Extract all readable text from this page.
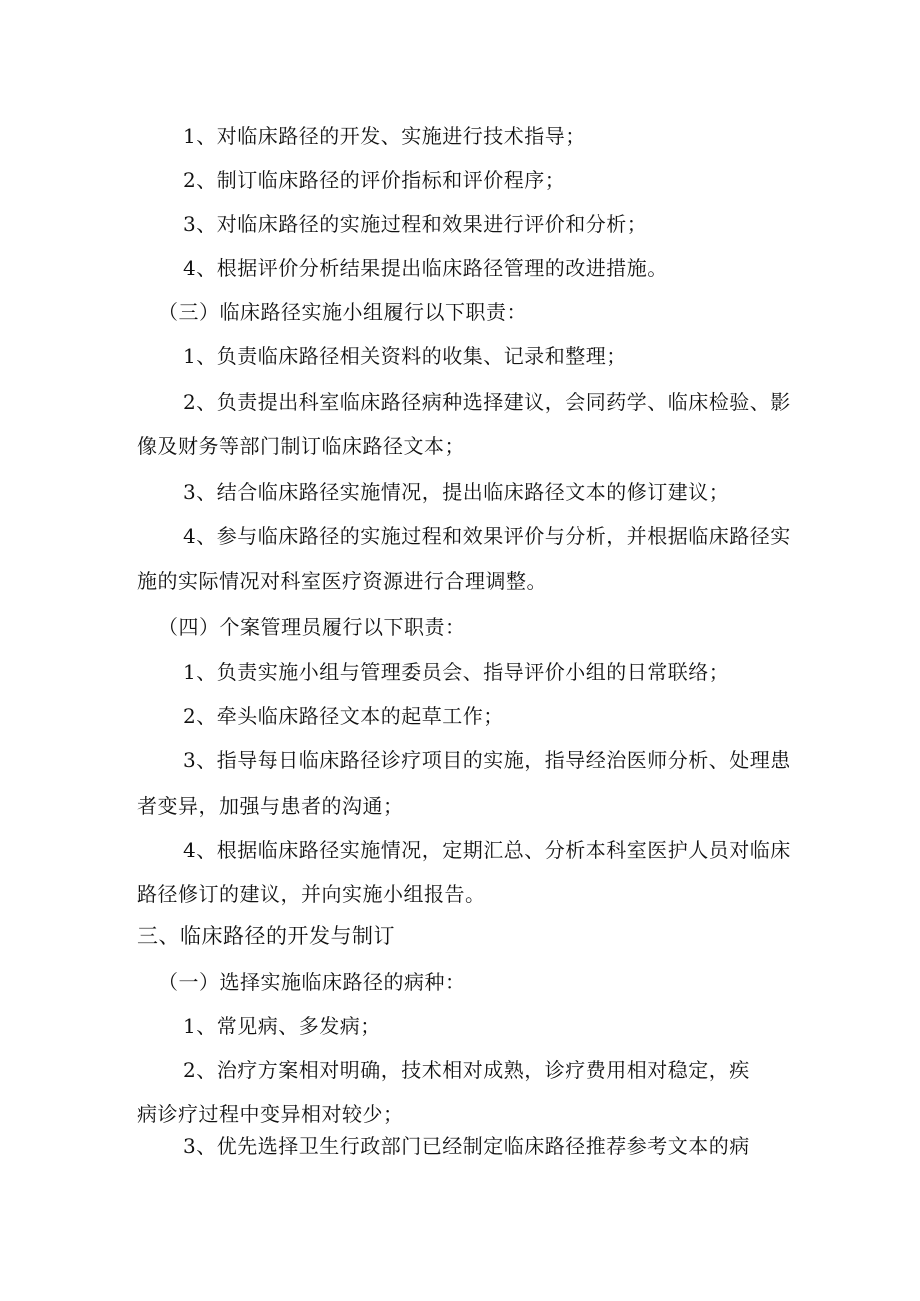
1、对临床路径的开发、实施进行技术指导；
2、制订临床路径的评价指标和评价程序；
3、对临床路径的实施过程和效果进行评价和分析；
4、根据评价分析结果提出临床路径管理的改进措施。
（三）临床路径实施小组履行以下职责：
1、负责临床路径相关资料的收集、记录和整理；
2、负责提出科室临床路径病种选择建议，会同药学、临床检验、影
像及财务等部门制订临床路径文本；
3、结合临床路径实施情况，提出临床路径文本的修订建议；
4、参与临床路径的实施过程和效果评价与分析，并根据临床路径实
施的实际情况对科室医疗资源进行合理调整。
（四）个案管理员履行以下职责：
1、负责实施小组与管理委员会、指导评价小组的日常联络；
2、牵头临床路径文本的起草工作；
3、指导每日临床路径诊疗项目的实施，指导经治医师分析、处理患
者变异，加强与患者的沟通；
4、根据临床路径实施情况，定期汇总、分析本科室医护人员对临床
路径修订的建议，并向实施小组报告。
三、临床路径的开发与制订
（一）选择实施临床路径的病种：
1、常见病、多发病；
2、治疗方案相对明确，技术相对成熟，诊疗费用相对稳定，疾
病诊疗过程中变异相对较少；
3、优先选择卫生行政部门已经制定临床路径推荐参考文本的病
